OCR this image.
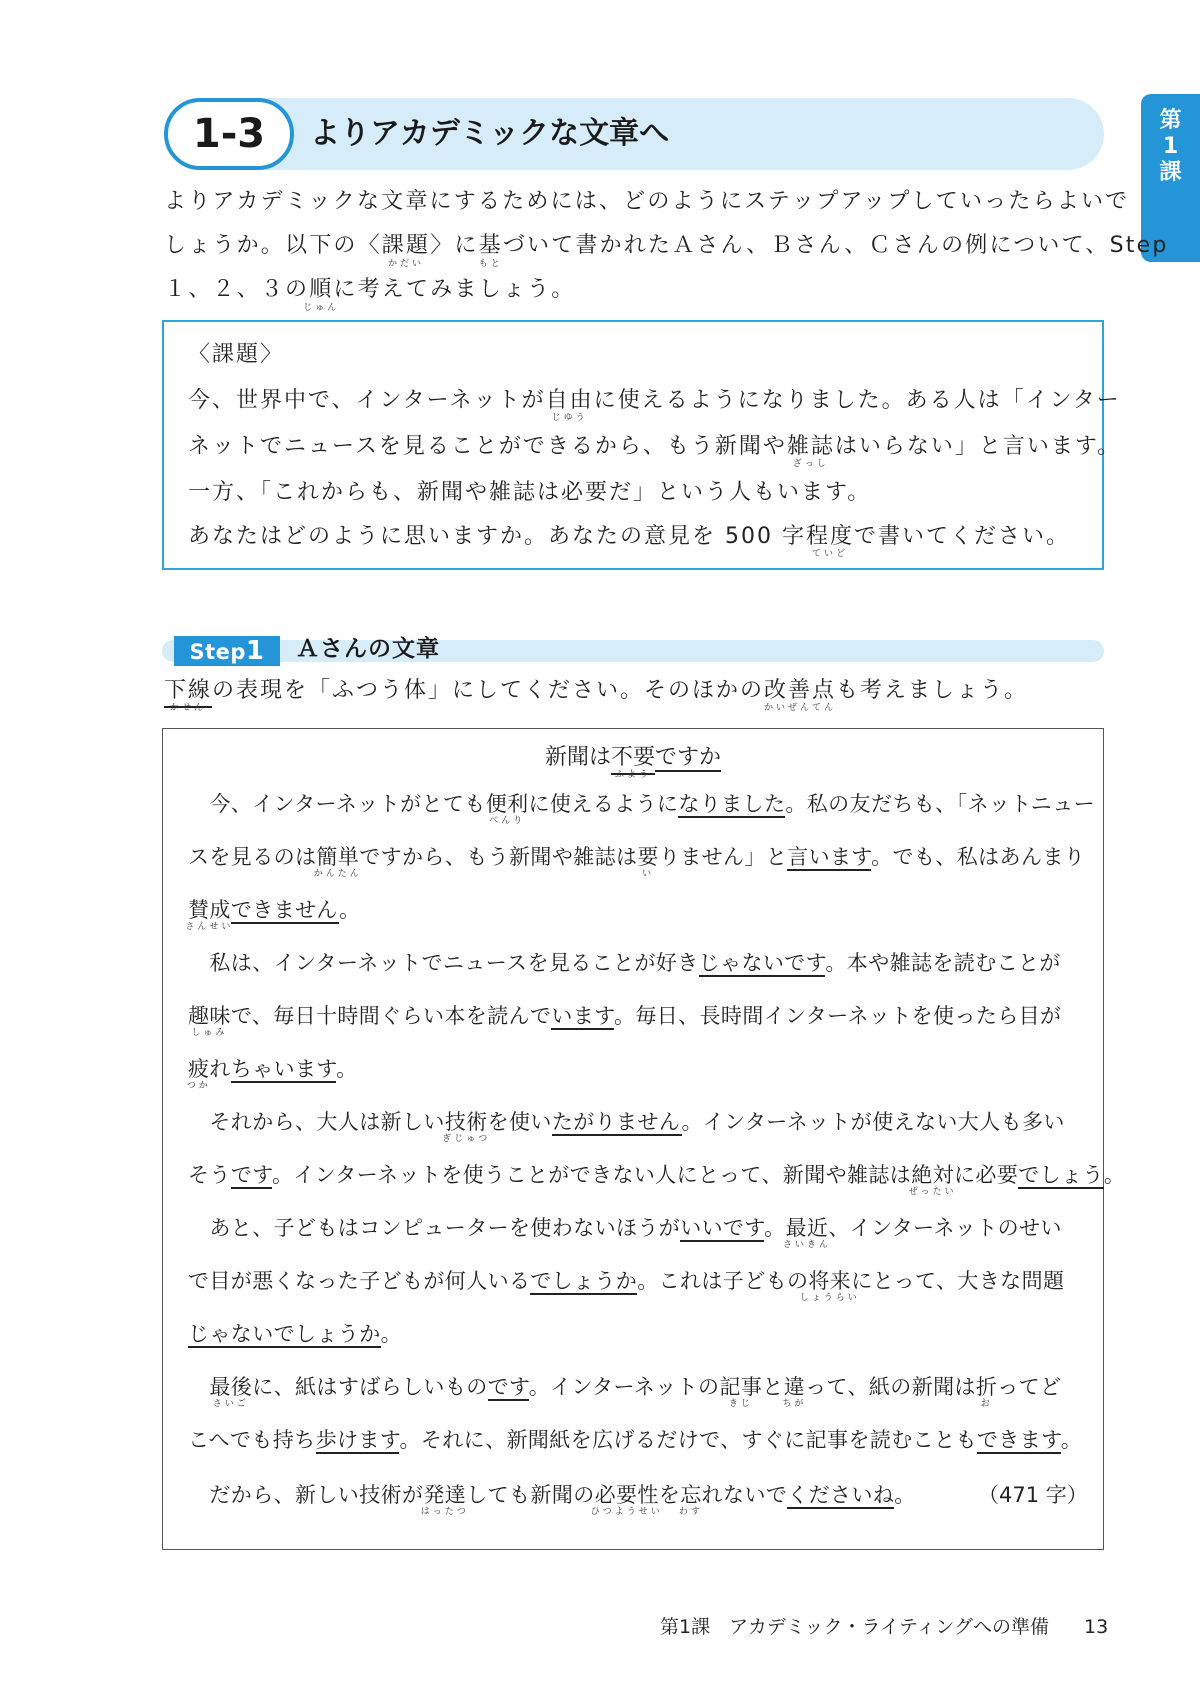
第
1
課
1-3	よりアカデミックな文章へ
よりアカデミックな文章にするためには、どのようにステップアップしていったらよいで
しょうか。以下の〈課題〉
かだい
に基
もと
づいて書かれたＡさん、Ｂさん、Ｃさんの例について、Step
１、２、３の順
じゅん
に考えてみましょう。
〈課題〉
今、世界中で、インターネットが自由
じゆう
に使えるようになりました。ある人は「インター
ネットでニュースを見ることができるから、もう新聞や雑誌
ざっし
はいらない」と言います。
一方、「これからも、新聞や雑誌は必要だ」という人もいます。
あなたはどのように思いますか。あなたの意見を 500 字程度
ていど
で書いてください。
Step1	Ａさんの文章
下線
かせん
の表現を「ふつう体」にしてください。そのほかの改善点
かいぜんてん
も考えましょう。
新聞は不要
ふよう
ですか
　今、インターネットがとても便利
べんり
に使えるようになりました。私の友だちも、「ネットニュー
スを見るのは簡単
かんたん
ですから、もう新聞や雑誌は要
い
りません」と言います。でも、私はあんまり
賛成
さんせい
できません。
　私は、インターネットでニュースを見ることが好きじゃないです。本や雑誌を読むことが
趣味
しゅみ
で、毎日十時間ぐらい本を読んでいます。毎日、長時間インターネットを使ったら目が
疲
つか
れちゃいます。
　それから、大人は新しい技術
ぎじゅつ
を使いたがりません。インターネットが使えない大人も多い
そうです。インターネットを使うことができない人にとって、新聞や雑誌は絶対
ぜったい
に必要でしょう。
　あと、子どもはコンピューターを使わないほうがいいです。最近
さいきん
、インターネットのせい
で目が悪くなった子どもが何人いるでしょうか。これは子どもの将来
しょうらい
にとって、大きな問題
じゃないでしょうか。
　最後
さいご
に、紙はすばらしいものです。インターネットの記事
きじ
と違
ちが
って、紙の新聞は折
お
ってど
こへでも持ち歩けます。それに、新聞紙を広げるだけで、すぐに記事を読むこともできます。
　だから、新しい技術が発達
はったつ
しても新聞の必要性
ひつようせい
を忘
わす
れないでくださいね。	（471 字）
第1課　アカデミック・ライティングへの準備 13
